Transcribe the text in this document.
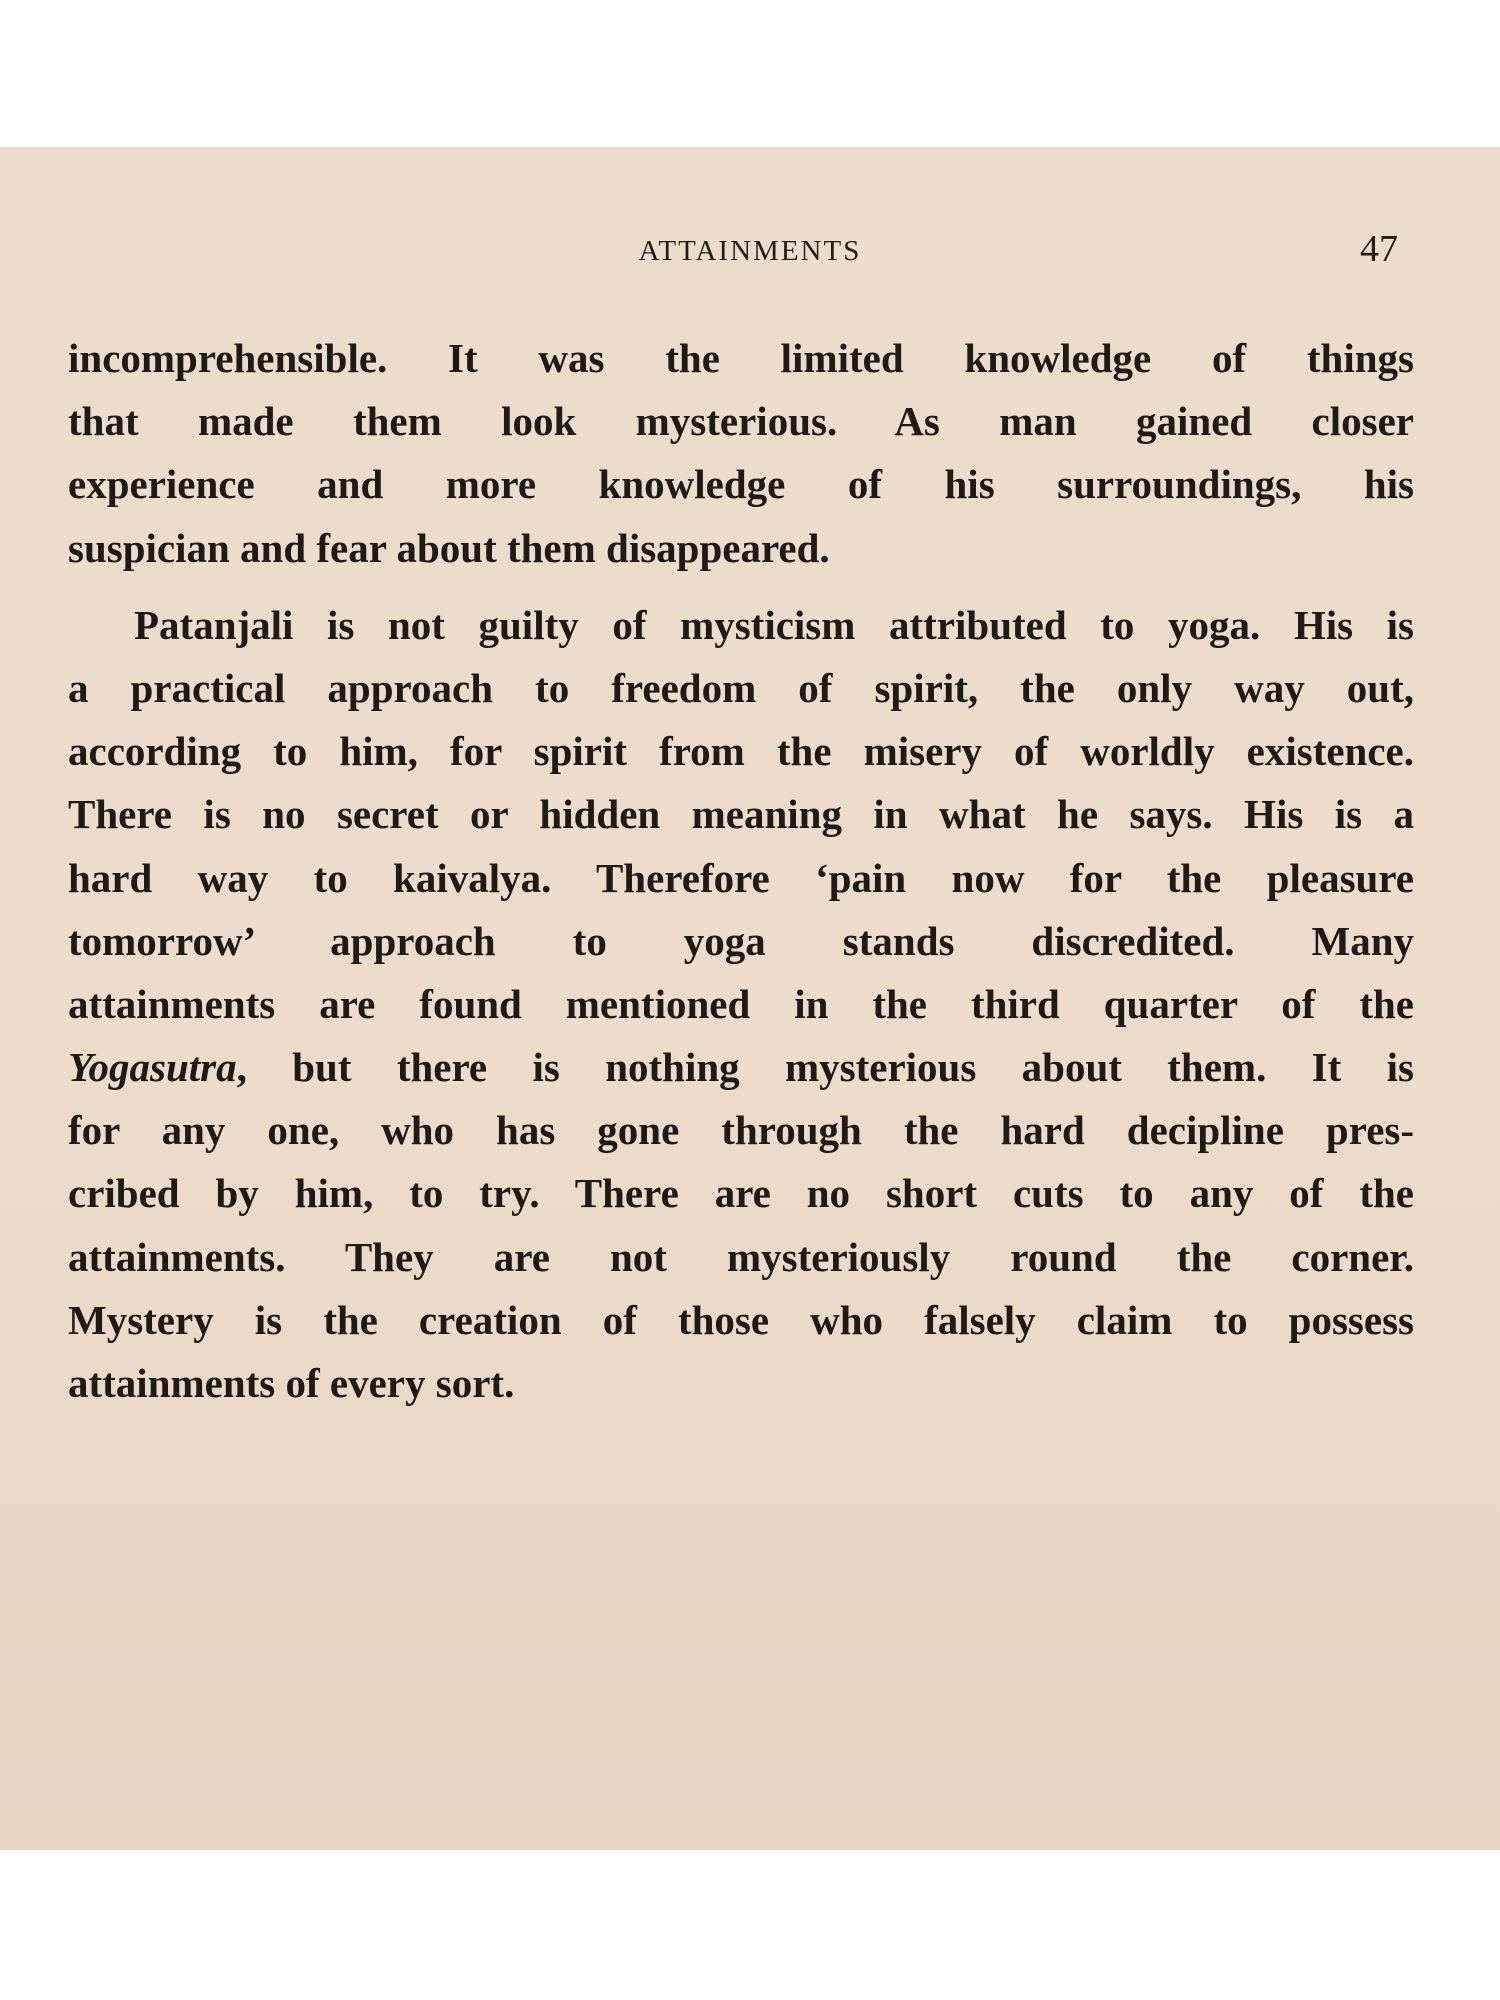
ATTAINMENTS	47
incomprehensible. It was the limited knowledge of things
that made them look mysterious. As man gained closer
experience and more knowledge of his surroundings, his
suspician and fear about them disappeared.
Patanjali is not guilty of mysticism attributed to yoga. His is
a practical approach to freedom of spirit, the only way out,
according to him, for spirit from the misery of worldly existence.
There is no secret or hidden meaning in what he says. His is a
hard way to kaivalya. Therefore ‘pain now for the pleasure
tomorrow’ approach to yoga stands discredited. Many
attainments are found mentioned in the third quarter of the
Yogasutra, but there is nothing mysterious about them. It is
for any one, who has gone through the hard decipline pres-
cribed by him, to try. There are no short cuts to any of the
attainments. They are not mysteriously round the corner.
Mystery is the creation of those who falsely claim to possess
attainments of every sort.
